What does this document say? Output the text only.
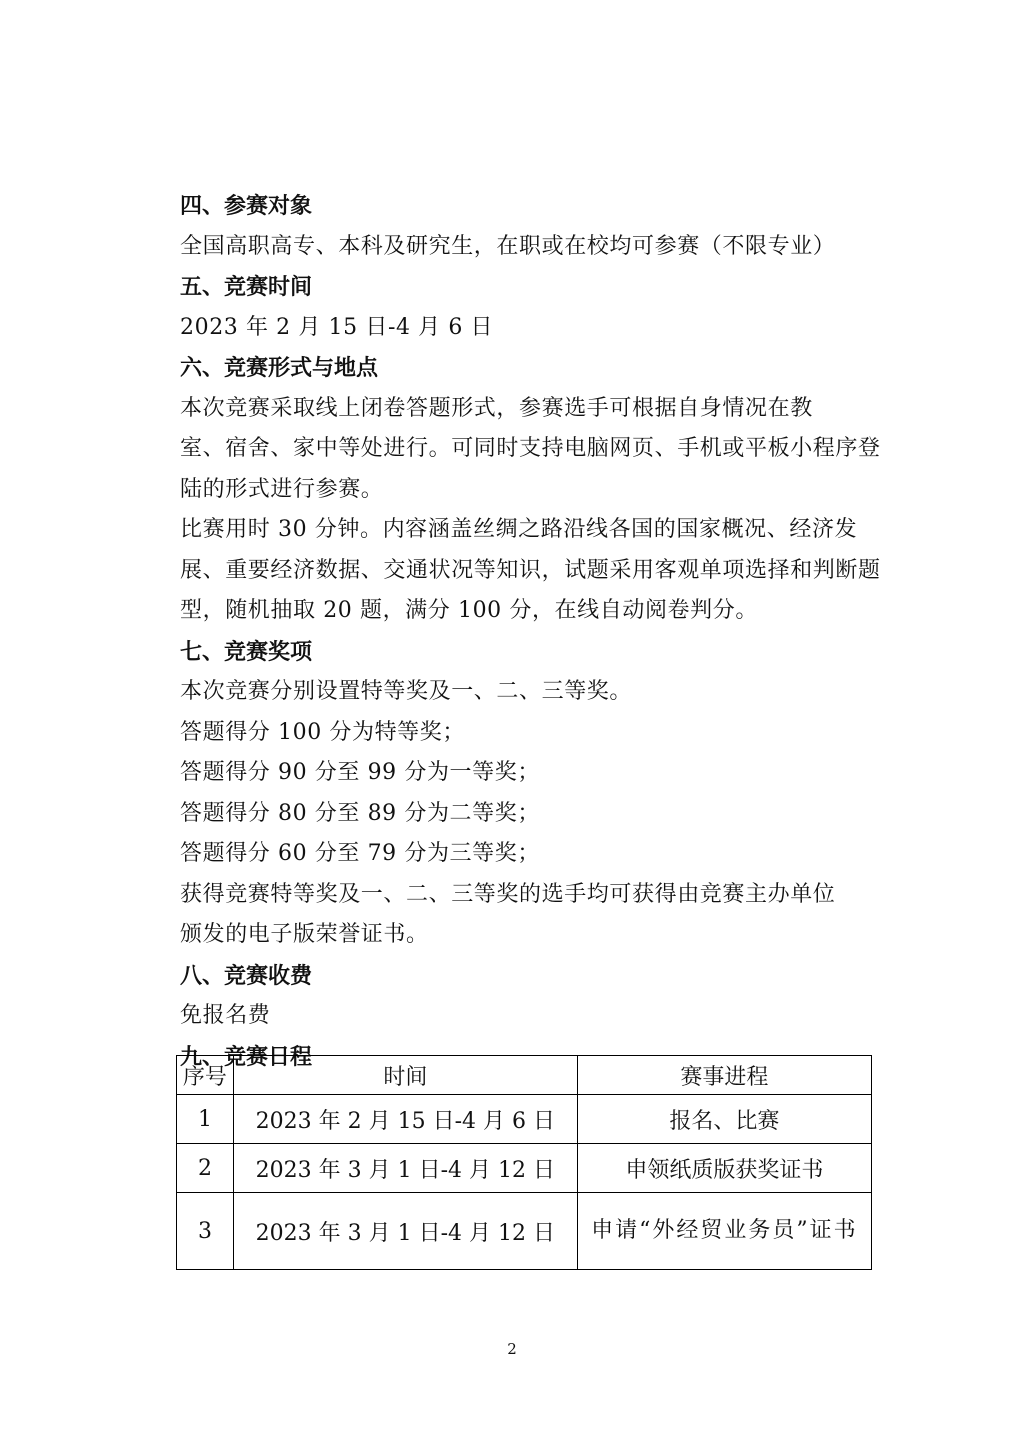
四、参赛对象
全国高职高专、本科及研究生，在职或在校均可参赛（不限专业）
五、竞赛时间
2023 年 2 月 15 日-4 月 6 日
六、竞赛形式与地点
本次竞赛采取线上闭卷答题形式，参赛选手可根据自身情况在教
室、宿舍、家中等处进行。可同时支持电脑网页、手机或平板小程序登
陆的形式进行参赛。
比赛用时 30 分钟。内容涵盖丝绸之路沿线各国的国家概况、经济发
展、重要经济数据、交通状况等知识，试题采用客观单项选择和判断题
型，随机抽取 20 题，满分 100 分，在线自动阅卷判分。
七、竞赛奖项
本次竞赛分别设置特等奖及一、二、三等奖。
答题得分 100 分为特等奖；
答题得分 90 分至 99 分为一等奖；
答题得分 80 分至 89 分为二等奖；
答题得分 60 分至 79 分为三等奖；
获得竞赛特等奖及一、二、三等奖的选手均可获得由竞赛主办单位
颁发的电子版荣誉证书。
八、竞赛收费
免报名费
九、竞赛日程
序号	时间	赛事进程
1	2023 年 2 月 15 日-4 月 6 日	报名、比赛
2	2023 年 3 月 1 日-4 月 12 日	申领纸质版获奖证书
3	2023 年 3 月 1 日-4 月 12 日	申请“外经贸业务员”证书
2
